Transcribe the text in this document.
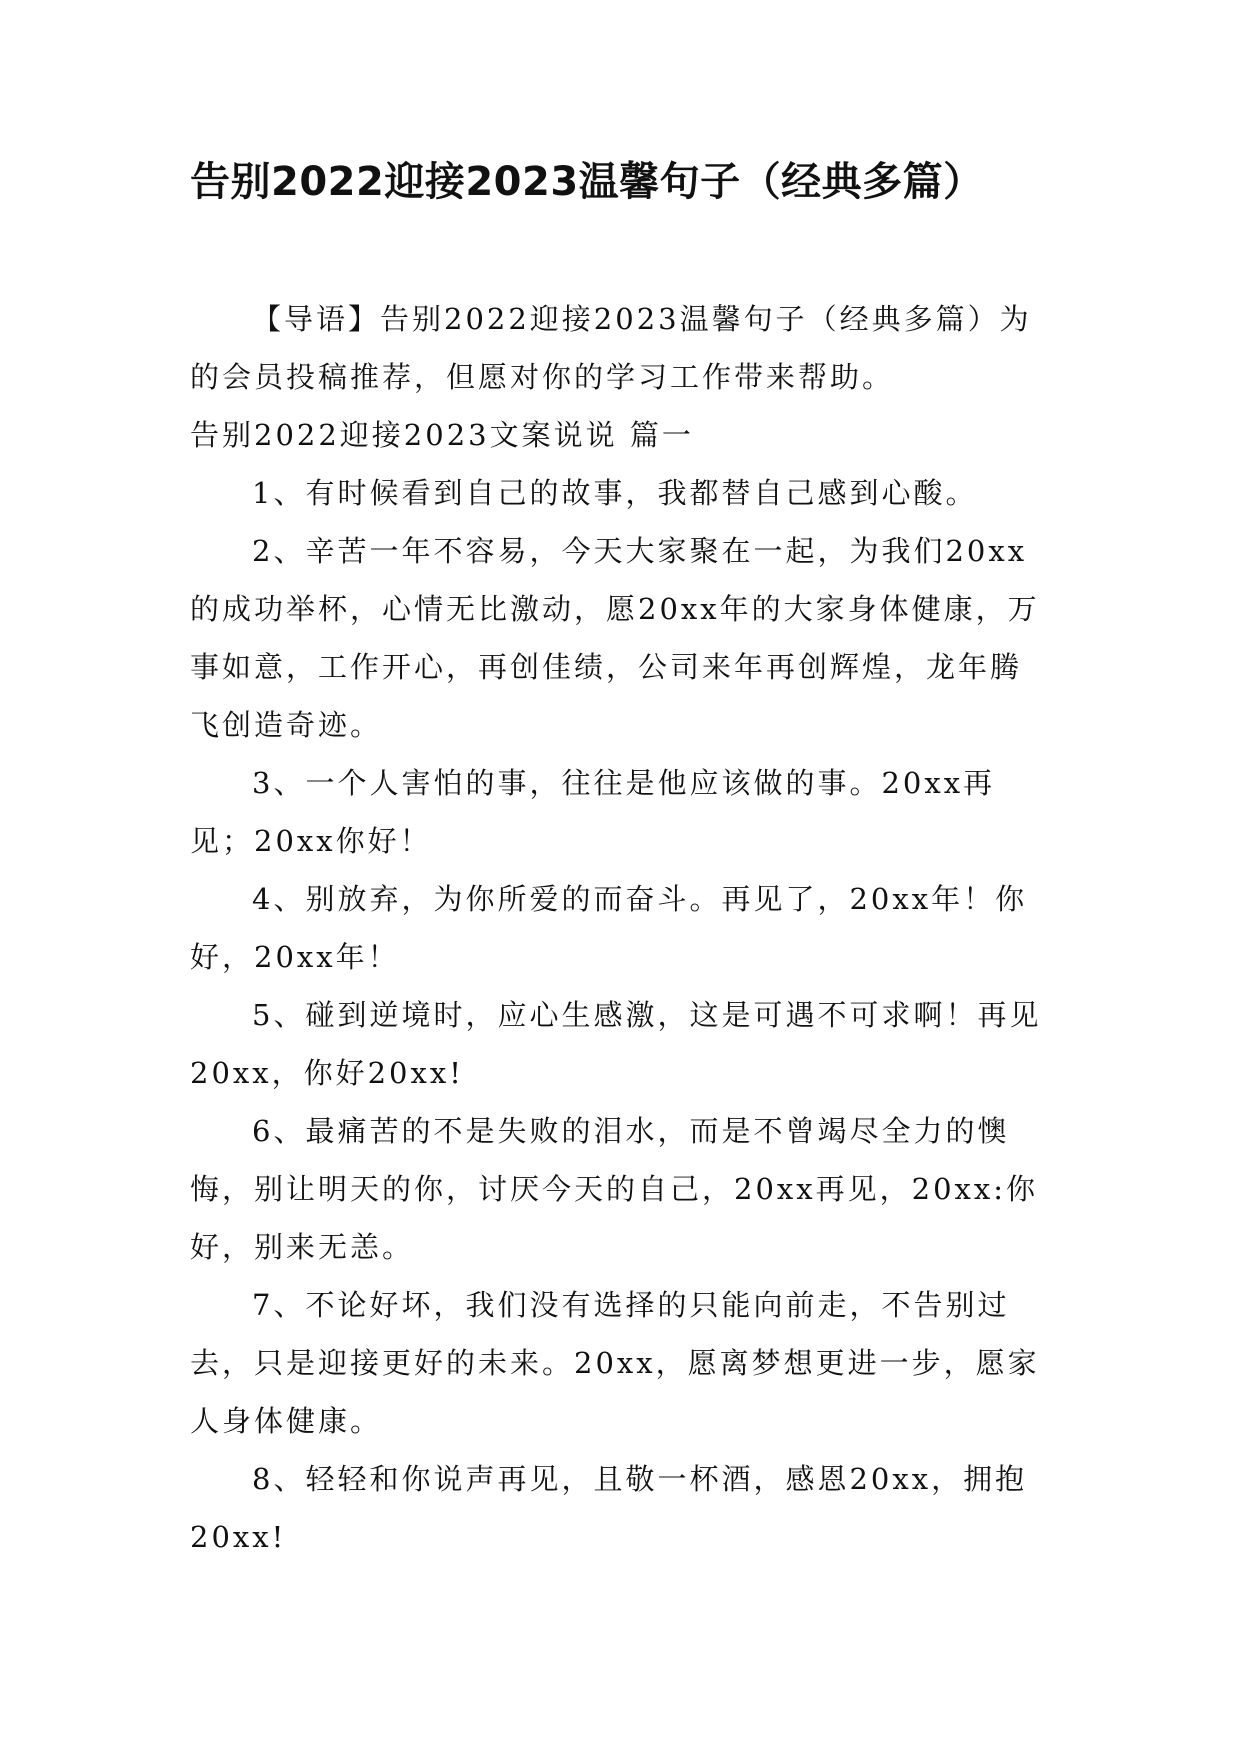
告别2022迎接2023温馨句子（经典多篇）

【导语】告别2022迎接2023温馨句子（经典多篇）为的会员投稿推荐，但愿对你的学习工作带来帮助。

告别2022迎接2023文案说说 篇一

1、有时候看到自己的故事，我都替自己感到心酸。

2、辛苦一年不容易，今天大家聚在一起，为我们20xx的成功举杯，心情无比激动，愿20xx年的大家身体健康，万事如意，工作开心，再创佳绩，公司来年再创辉煌，龙年腾飞创造奇迹。

3、一个人害怕的事，往往是他应该做的事。20xx再见；20xx你好！

4、别放弃，为你所爱的而奋斗。再见了，20xx年！你好，20xx年！

5、碰到逆境时，应心生感激，这是可遇不可求啊！再见20xx，你好20xx!

6、最痛苦的不是失败的泪水，而是不曾竭尽全力的懊悔，别让明天的你，讨厌今天的自己，20xx再见，20xx:你好，别来无恙。

7、不论好坏，我们没有选择的只能向前走，不告别过去，只是迎接更好的未来。20xx，愿离梦想更进一步，愿家人身体健康。

8、轻轻和你说声再见，且敬一杯酒，感恩20xx，拥抱20xx!
